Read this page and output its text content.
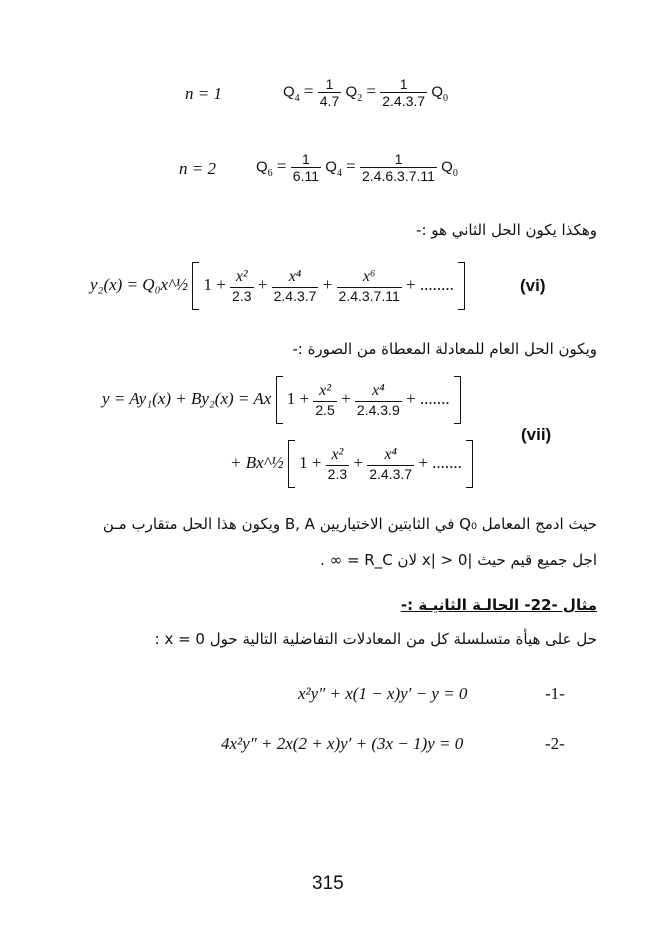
n = 1	$Q_4 = \frac{1}{4.7} Q_2 = \frac{1}{2.4.3.7} Q_0$
n = 2	$Q_6 = \frac{1}{6.11} Q_4 = \frac{1}{2.4.6.3.7.11} Q_0$
وهكذا يكون الحل الثاني هو :-
y₂(x) = Q₀x^½ $1 + \frac{\text{x²}}{2.3} + \frac{\text{x⁴}}{2.4.3.7} + \frac{\text{x⁶}}{2.4.3.7.11}$ + ........	(vi)
ويكون الحل العام للمعادلة المعطاة من الصورة :-
y = Ay₁(x) + By₂(x) = Ax $1 + \frac{\text{x²}}{2.5} + \frac{\text{x⁴}}{2.4.3.9}$ + .......
+ Bx^½ $1 + \frac{\text{x²}}{2.3} + \frac{\text{x⁴}}{2.4.3.7}$ + .......
(vii)
حيث ادمج المعامل Q₀ في الثابتين الاختياريين B, A ويكون هذا الحل متقارب مـن
اجل جميع قيم حيث |x| > 0 لان R_C = ∞ .
مثال -22- الحالـة الثانيـة :-
حل على هيأة متسلسلة كل من المعادلات التفاضلية التالية حول x = 0 :
x²y″ + x(1 − x)y′ − y = 0	-1-
4x²y″ + 2x(2 + x)y′ + (3x − 1)y = 0	-2-
315
